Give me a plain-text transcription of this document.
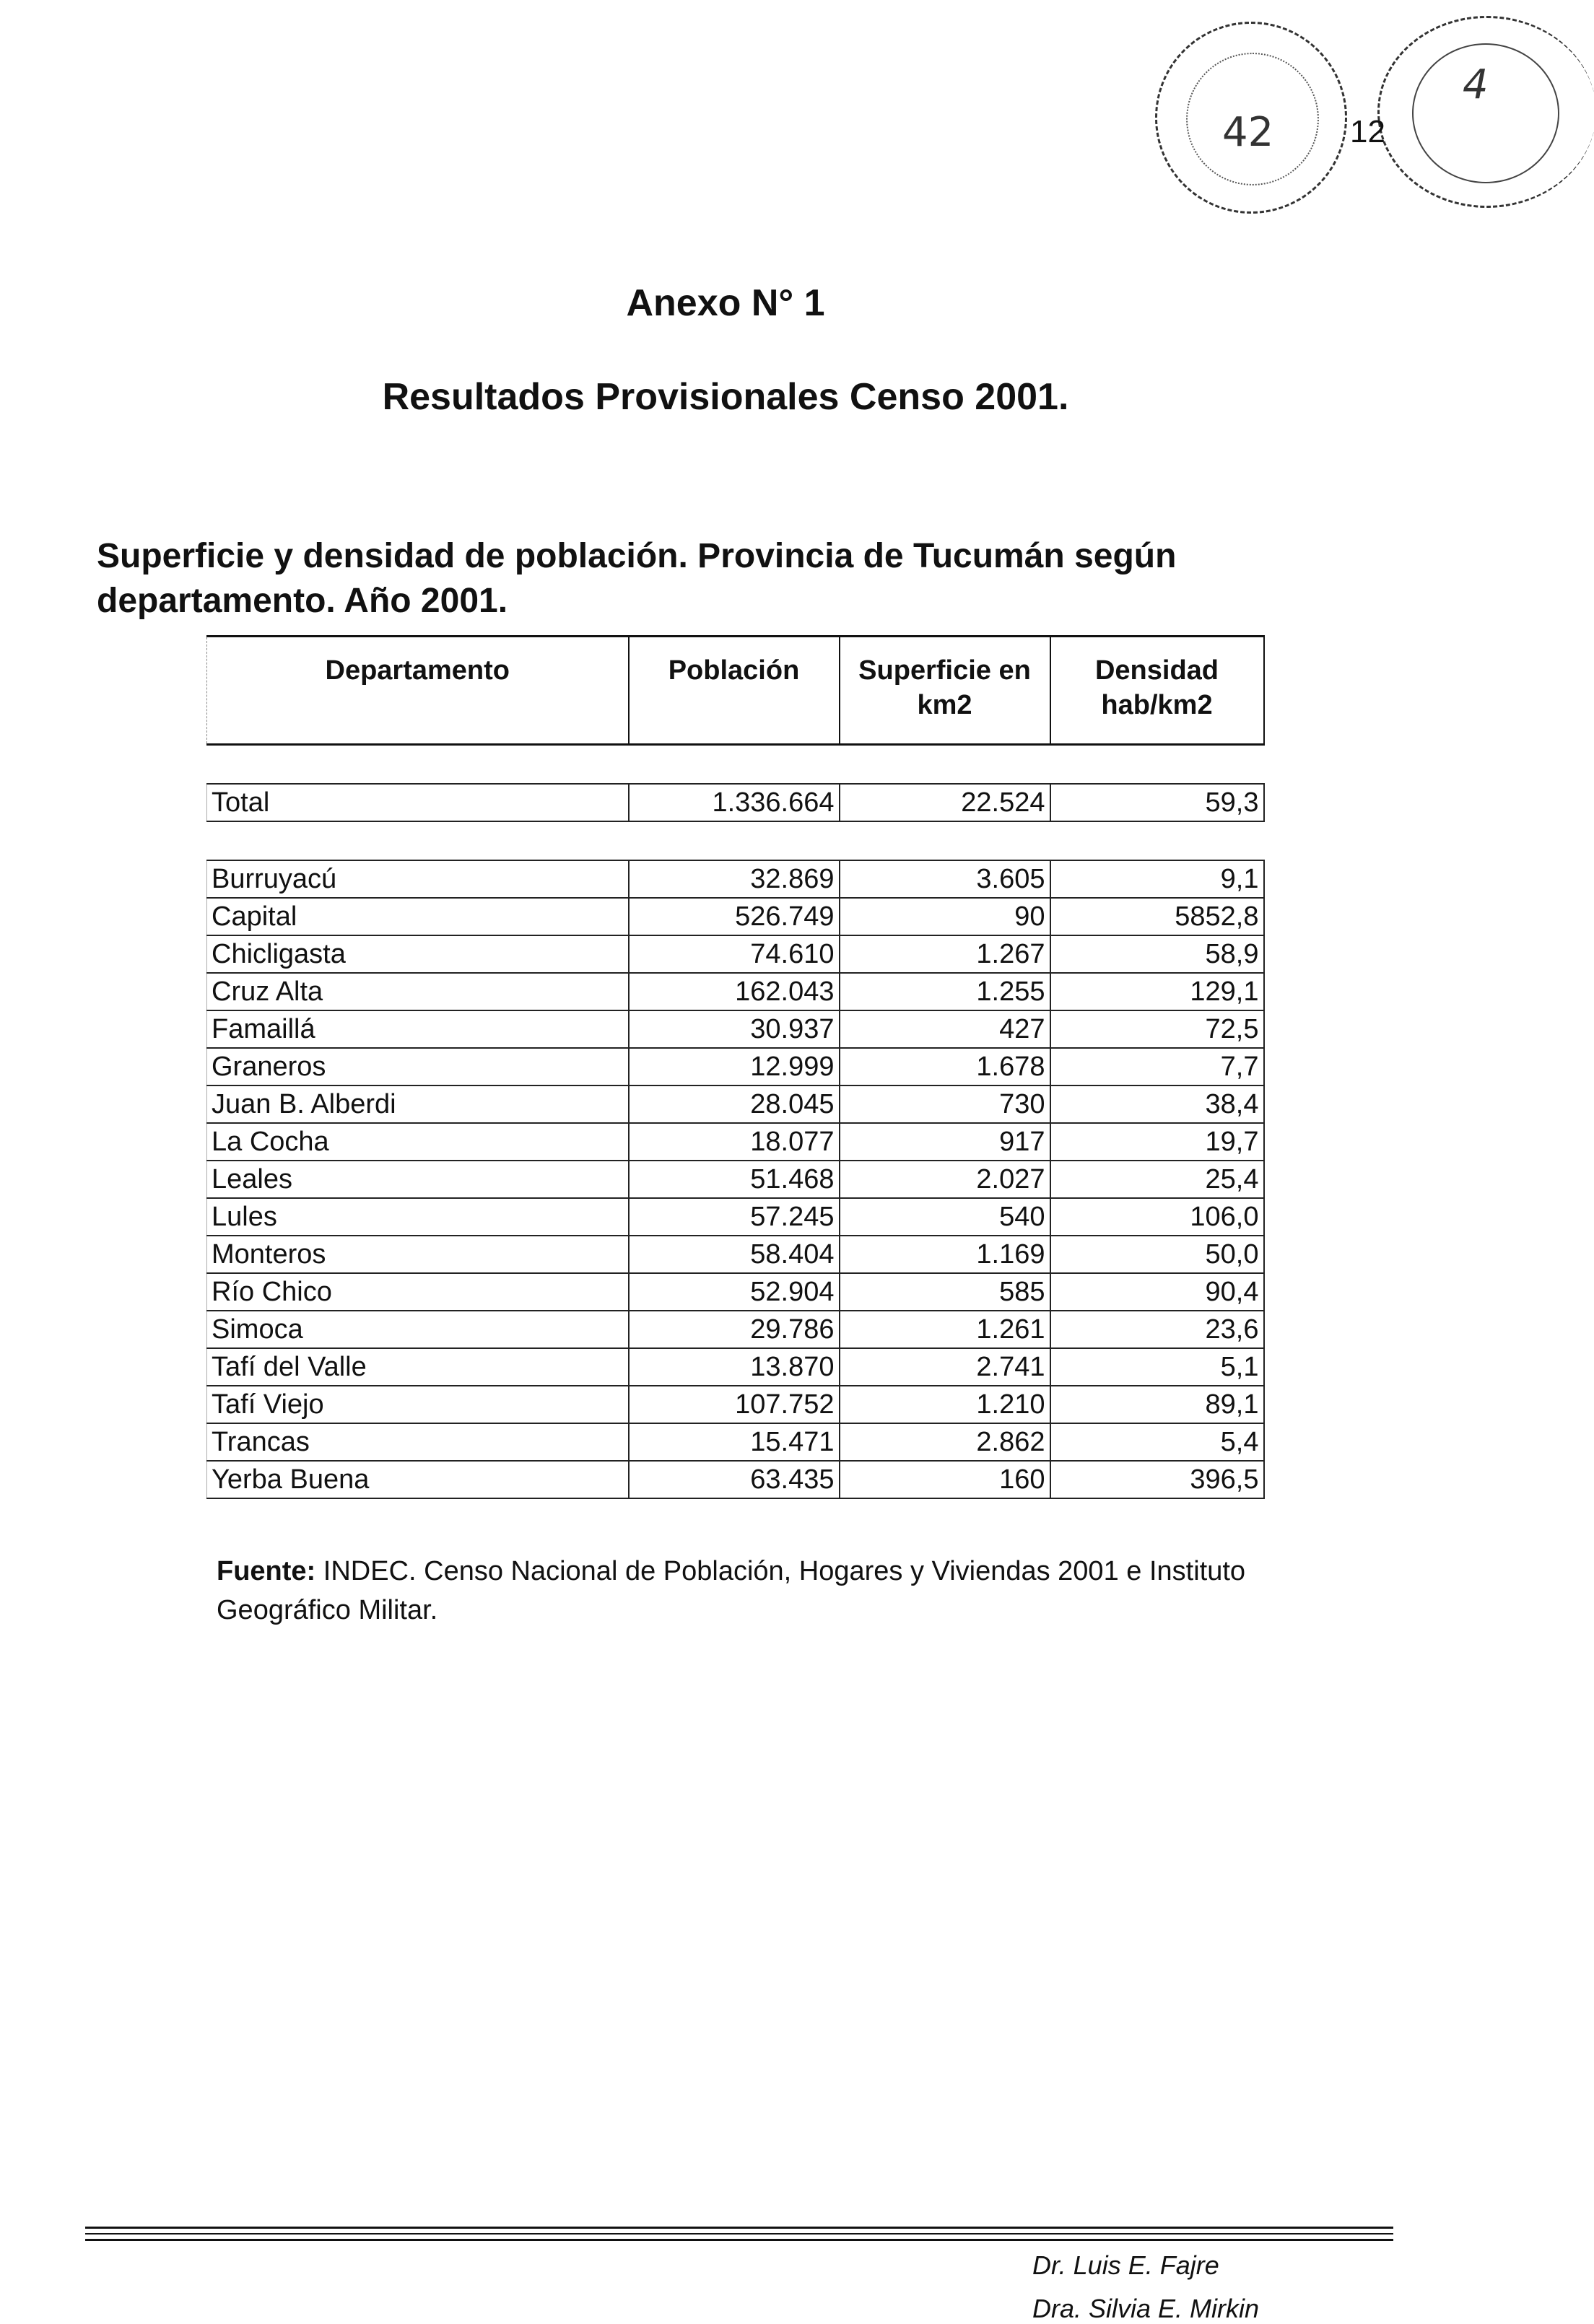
42
4
12
Anexo N° 1
Resultados Provisionales Censo 2001.
Superficie y densidad de población. Provincia de Tucumán según
departamento. Año 2001.
Departamento	Población	Superficie en km2	Densidad hab/km2

Total	1.336.664	22.524	59,3

Burruyacú	32.869	3.605	9,1
Capital	526.749	90	5852,8
Chicligasta	74.610	1.267	58,9
Cruz Alta	162.043	1.255	129,1
Famaillá	30.937	427	72,5
Graneros	12.999	1.678	7,7
Juan B. Alberdi	28.045	730	38,4
La Cocha	18.077	917	19,7
Leales	51.468	2.027	25,4
Lules	57.245	540	106,0
Monteros	58.404	1.169	50,0
Río Chico	52.904	585	90,4
Simoca	29.786	1.261	23,6
Tafí del Valle	13.870	2.741	5,1
Tafí Viejo	107.752	1.210	89,1
Trancas	15.471	2.862	5,4
Yerba Buena	63.435	160	396,5
Fuente: INDEC. Censo Nacional de Población, Hogares y Viviendas 2001 e Instituto Geográfico Militar.
Dr. Luis E. Fajre
Dra. Silvia E. Mirkin
